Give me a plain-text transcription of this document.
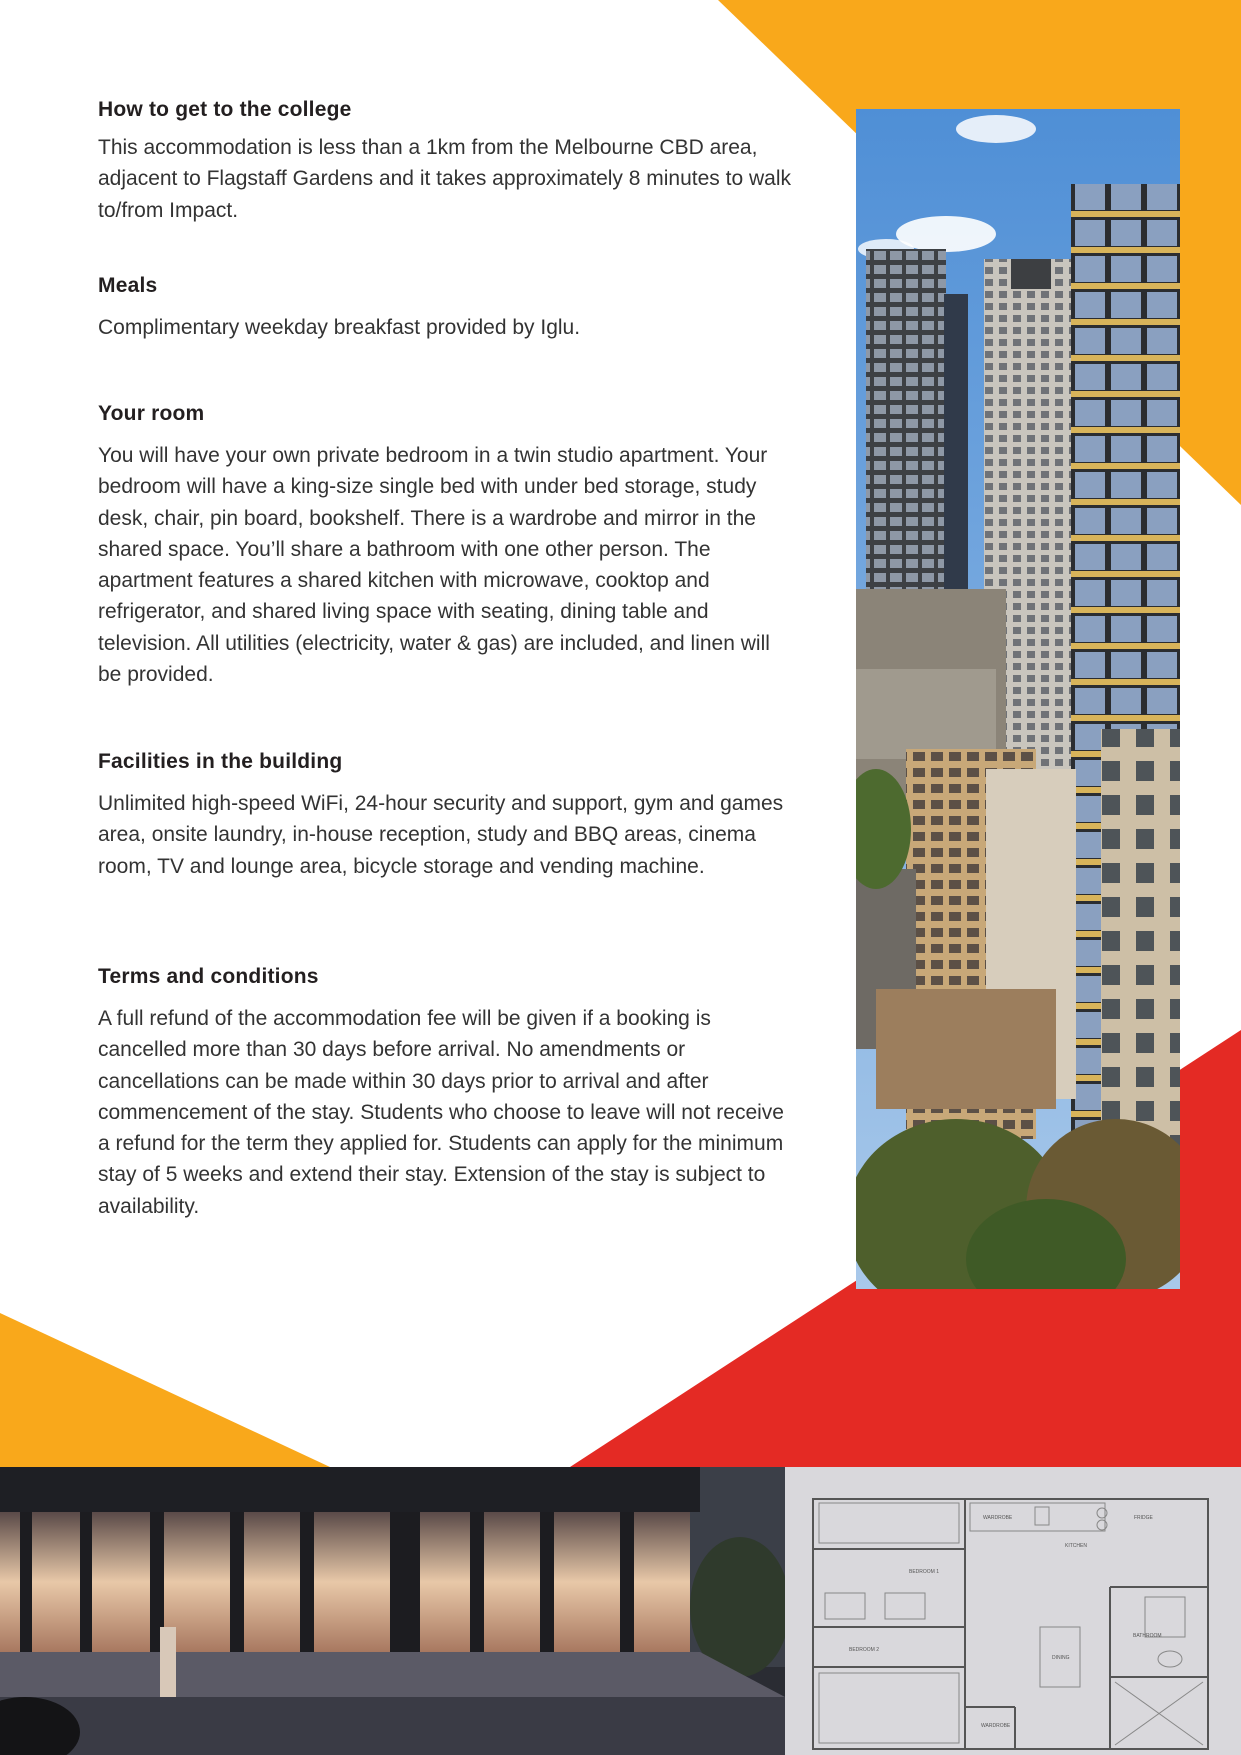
How to get to the college

This accommodation is less than a 1km from the Melbourne CBD area, adjacent to Flagstaff Gardens and it takes approximately 8 minutes to walk to/from Impact.

Meals

Complimentary weekday breakfast provided by Iglu.

Your room

You will have your own private bedroom in a twin studio apartment. Your bedroom will have a king-size single bed with under bed storage, study desk, chair, pin board, bookshelf. There is a wardrobe and mirror in the shared space. You’ll share a bathroom with one other person. The apartment features a shared kitchen with microwave, cooktop and refrigerator, and shared living space with seating, dining table and television. All utilities (electricity, water & gas) are included, and linen will be provided.

Facilities in the building

Unlimited high-speed WiFi, 24-hour security and support, gym and games area, onsite laundry, in-house reception, study and BBQ areas, cinema room, TV and lounge area, bicycle storage and vending machine.

Terms and conditions

A full refund of the accommodation fee will be given if a booking is cancelled more than 30 days before arrival. No amendments or cancellations can be made within 30 days prior to arrival and after commencement of the stay. Students who choose to leave will not receive a refund for the term they applied for. Students can apply for the minimum stay of 5 weeks and extend their stay. Extension of the stay is subject to availability.

WARDROBE	FRIDGE
KITCHEN
BEDROOM 1
BEDROOM 2
DINING
BATHROOM
WARDROBE
